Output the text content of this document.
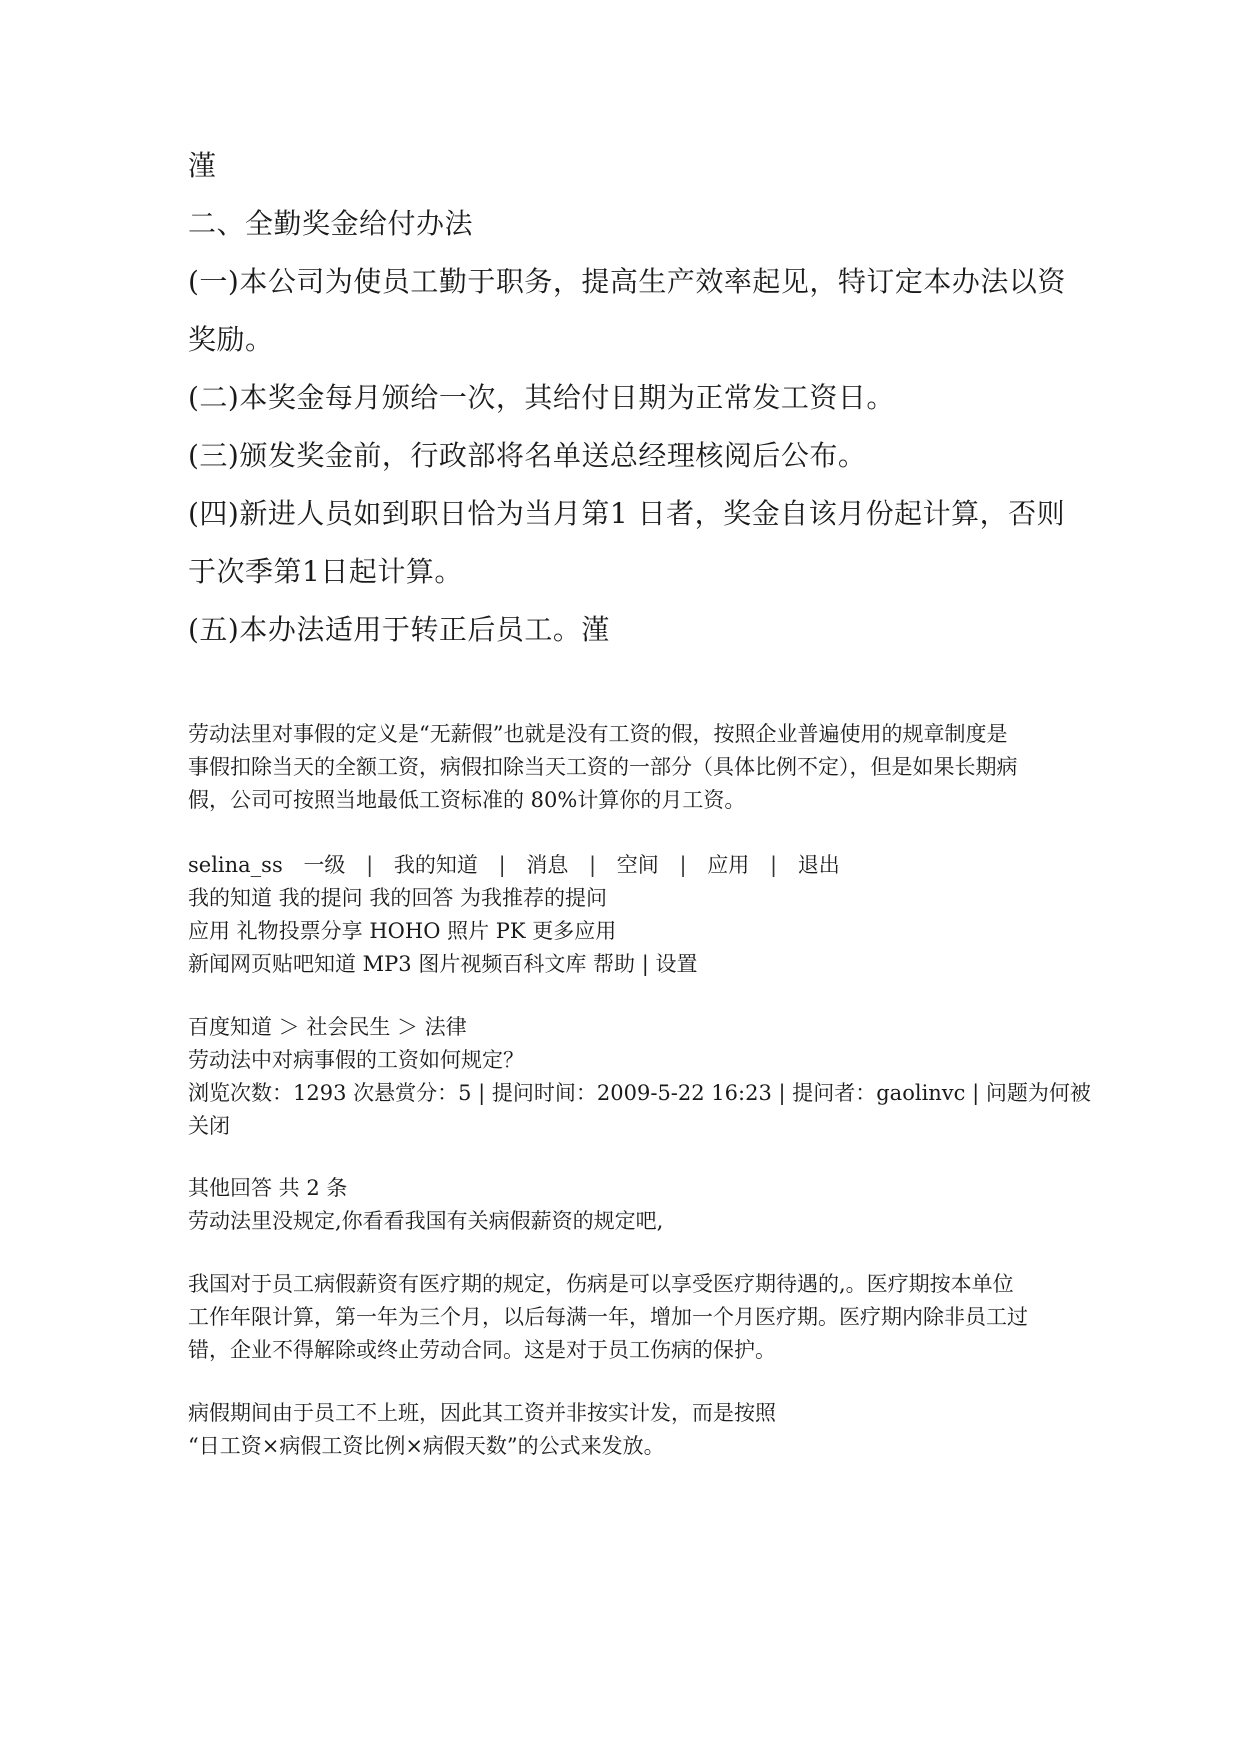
漌
二、全勤奖金给付办法
(一)本公司为使员工勤于职务，提高生产效率起见，特订定本办法以资
奖励。
(二)本奖金每月颁给一次，其给付日期为正常发工资日。
(三)颁发奖金前，行政部将名单送总经理核阅后公布。
(四)新进人员如到职日恰为当月第1 日者，奖金自该月份起计算，否则
于次季第1日起计算。
(五)本办法适用于转正后员工。漌
劳动法里对事假的定义是“无薪假”也就是没有工资的假，按照企业普遍使用的规章制度是
事假扣除当天的全额工资，病假扣除当天工资的一部分（具体比例不定），但是如果长期病
假，公司可按照当地最低工资标准的 80%计算你的月工资。
selina_ss 一级 | 我的知道 | 消息 | 空间 | 应用 | 退出
我的知道 我的提问 我的回答 为我推荐的提问
应用 礼物投票分享 HOHO 照片 PK 更多应用
新闻网页贴吧知道 MP3 图片视频百科文库 帮助 | 设置
百度知道 ＞ 社会民生 ＞ 法律
劳动法中对病事假的工资如何规定？
浏览次数：1293 次悬赏分：5 | 提问时间：2009-5-22 16:23 | 提问者：gaolinvc | 问题为何被
关闭
其他回答 共 2 条
劳动法里没规定,你看看我国有关病假薪资的规定吧,
我国对于员工病假薪资有医疗期的规定，伤病是可以享受医疗期待遇的,。医疗期按本单位
工作年限计算，第一年为三个月，以后每满一年，增加一个月医疗期。医疗期内除非员工过
错，企业不得解除或终止劳动合同。这是对于员工伤病的保护。
病假期间由于员工不上班，因此其工资并非按实计发，而是按照
“日工资×病假工资比例×病假天数”的公式来发放。
